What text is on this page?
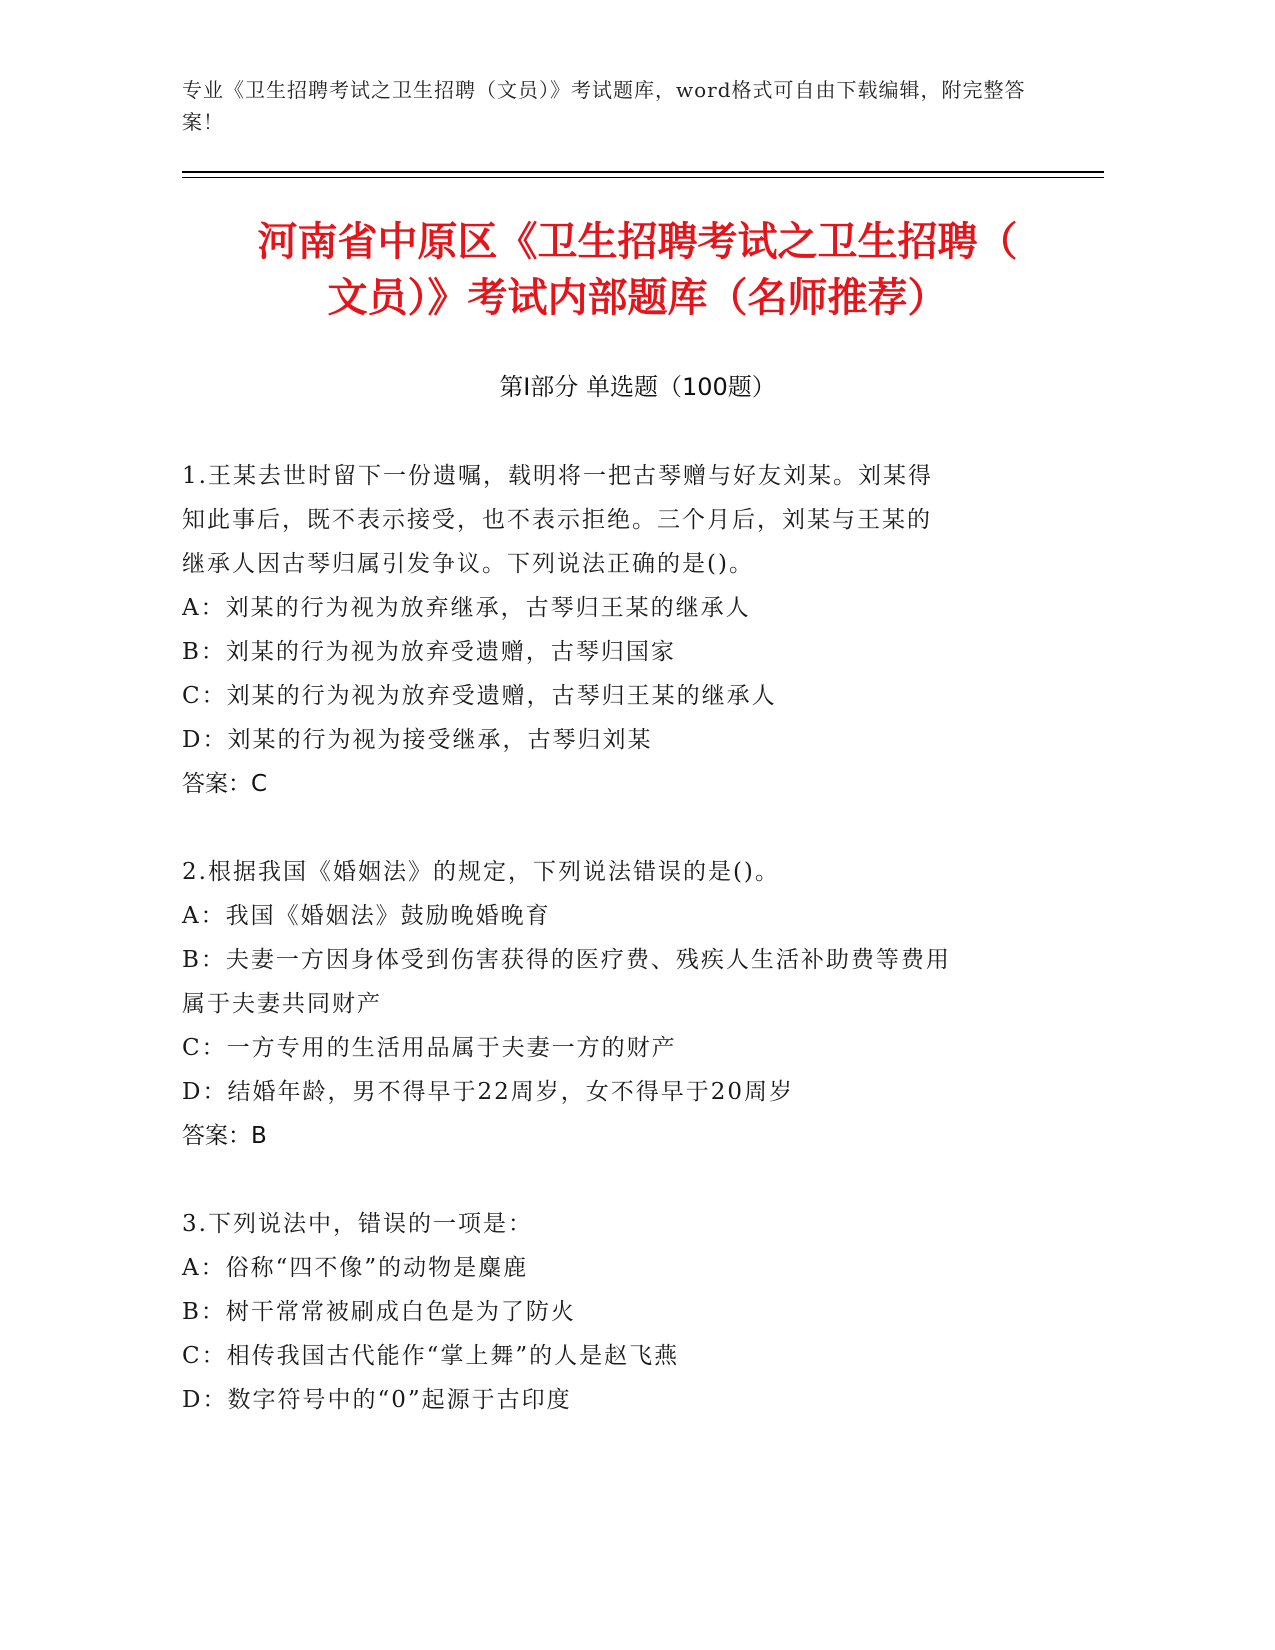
专业《卫生招聘考试之卫生招聘（文员）》考试题库，word格式可自由下载编辑，附完整答案！
河南省中原区《卫生招聘考试之卫生招聘（
文员）》考试内部题库（名师推荐）
第Ⅰ部分 单选题（100题）
1.王某去世时留下一份遗嘱，载明将一把古琴赠与好友刘某。刘某得
知此事后，既不表示接受，也不表示拒绝。三个月后，刘某与王某的
继承人因古琴归属引发争议。下列说法正确的是()。
A：刘某的行为视为放弃继承，古琴归王某的继承人
B：刘某的行为视为放弃受遗赠，古琴归国家
C：刘某的行为视为放弃受遗赠，古琴归王某的继承人
D：刘某的行为视为接受继承，古琴归刘某
答案：C
2.根据我国《婚姻法》的规定，下列说法错误的是()。
A：我国《婚姻法》鼓励晚婚晚育
B：夫妻一方因身体受到伤害获得的医疗费、残疾人生活补助费等费用
属于夫妻共同财产
C：一方专用的生活用品属于夫妻一方的财产
D：结婚年龄，男不得早于22周岁，女不得早于20周岁
答案：B
3.下列说法中，错误的一项是：
A：俗称“四不像”的动物是麋鹿
B：树干常常被刷成白色是为了防火
C：相传我国古代能作“掌上舞”的人是赵飞燕
D：数字符号中的“0”起源于古印度
